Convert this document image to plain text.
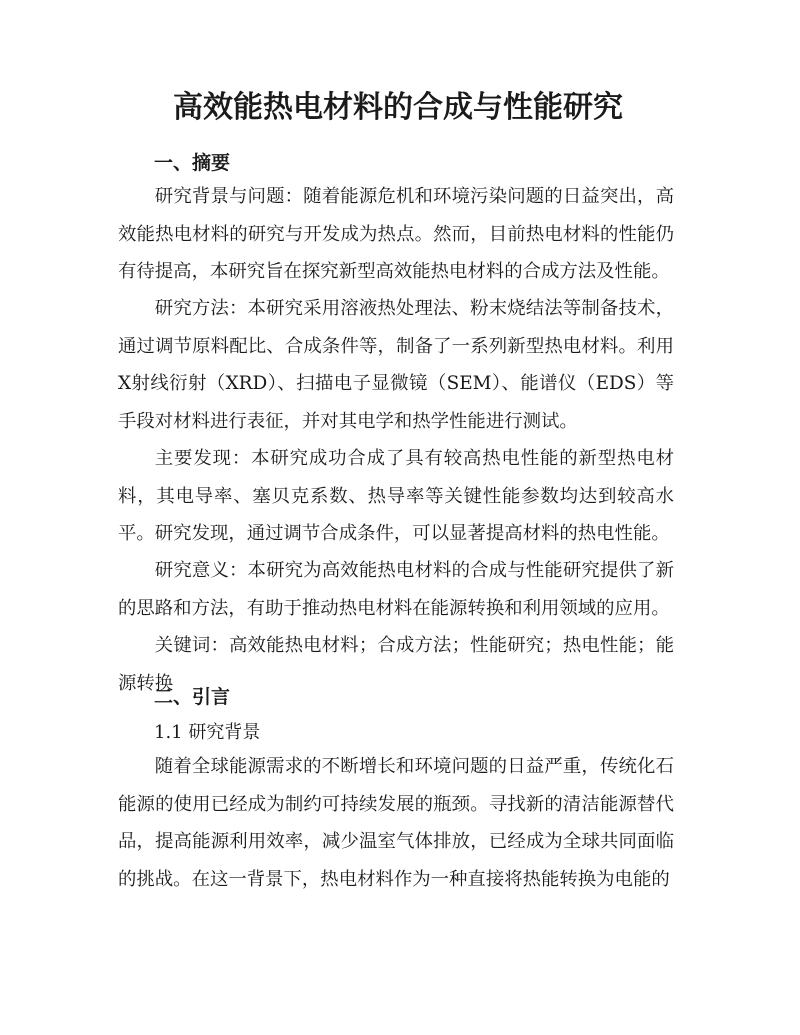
高效能热电材料的合成与性能研究
一、摘要

研究背景与问题：随着能源危机和环境污染问题的日益突出，高效能热电材料的研究与开发成为热点。然而，目前热电材料的性能仍有待提高，本研究旨在探究新型高效能热电材料的合成方法及性能。

研究方法：本研究采用溶液热处理法、粉末烧结法等制备技术，通过调节原料配比、合成条件等，制备了一系列新型热电材料。利用X射线衍射（XRD）、扫描电子显微镜（SEM）、能谱仪（EDS）等手段对材料进行表征，并对其电学和热学性能进行测试。

主要发现：本研究成功合成了具有较高热电性能的新型热电材料，其电导率、塞贝克系数、热导率等关键性能参数均达到较高水平。研究发现，通过调节合成条件，可以显著提高材料的热电性能。

研究意义：本研究为高效能热电材料的合成与性能研究提供了新的思路和方法，有助于推动热电材料在能源转换和利用领域的应用。

关键词：高效能热电材料；合成方法；性能研究；热电性能；能源转换

二、引言
1.1 研究背景

随着全球能源需求的不断增长和环境问题的日益严重，传统化石能源的使用已经成为制约可持续发展的瓶颈。寻找新的清洁能源替代品，提高能源利用效率，减少温室气体排放，已经成为全球共同面临的挑战。在这一背景下，热电材料作为一种直接将热能转换为电能的
